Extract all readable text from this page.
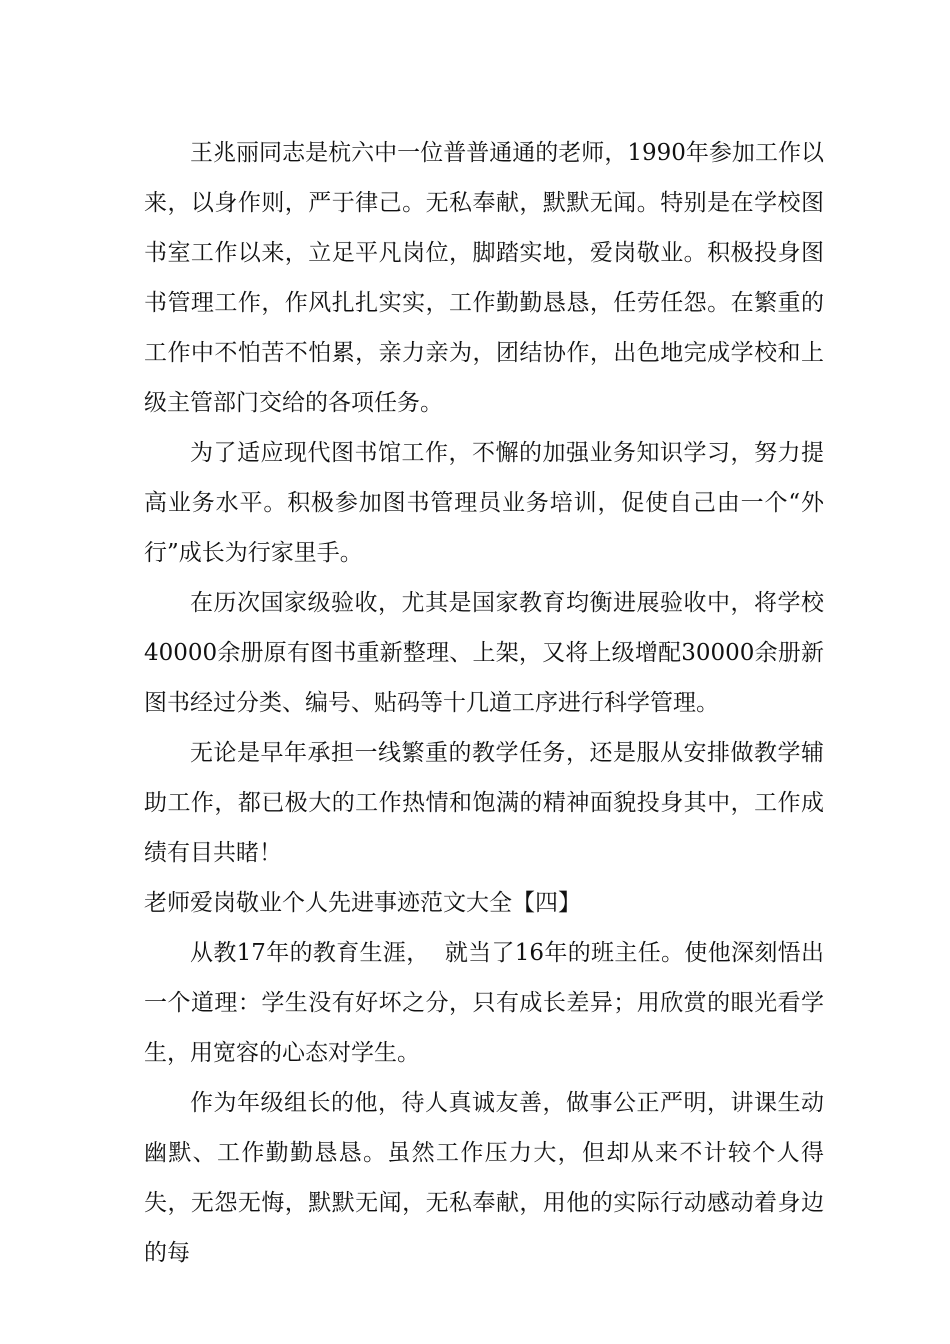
王兆丽同志是杭六中一位普普通通的老师，1990年参加工作以来，以身作则，严于律己。无私奉献，默默无闻。特别是在学校图书室工作以来，立足平凡岗位，脚踏实地，爱岗敬业。积极投身图书管理工作，作风扎扎实实，工作勤勤恳恳，任劳任怨。在繁重的工作中不怕苦不怕累，亲力亲为，团结协作，出色地完成学校和上级主管部门交给的各项任务。

为了适应现代图书馆工作，不懈的加强业务知识学习，努力提高业务水平。积极参加图书管理员业务培训，促使自己由一个“外行”成长为行家里手。

在历次国家级验收，尤其是国家教育均衡进展验收中，将学校40000余册原有图书重新整理、上架，又将上级增配30000余册新图书经过分类、编号、贴码等十几道工序进行科学管理。

无论是早年承担一线繁重的教学任务，还是服从安排做教学辅助工作，都已极大的工作热情和饱满的精神面貌投身其中，工作成绩有目共睹！

老师爱岗敬业个人先进事迹范文大全【四】

从教17年的教育生涯，  就当了16年的班主任。使他深刻悟出一个道理：学生没有好坏之分，只有成长差异；用欣赏的眼光看学生，用宽容的心态对学生。

作为年级组长的他，待人真诚友善，做事公正严明，讲课生动幽默、工作勤勤恳恳。虽然工作压力大，但却从来不计较个人得失，无怨无悔，默默无闻，无私奉献，用他的实际行动感动着身边的每
